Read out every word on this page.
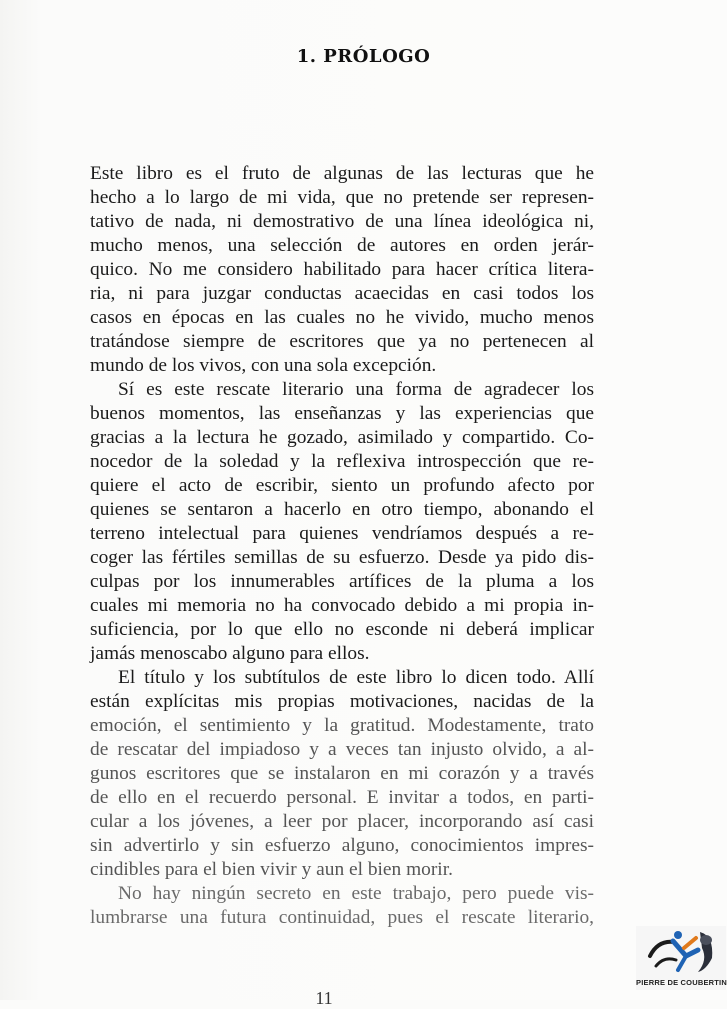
1. PRÓLOGO
Este libro es el fruto de algunas de las lecturas que he
hecho a lo largo de mi vida, que no pretende ser represen-
tativo de nada, ni demostrativo de una línea ideológica ni,
mucho menos, una selección de autores en orden jerár-
quico. No me considero habilitado para hacer crítica litera-
ria, ni para juzgar conductas acaecidas en casi todos los
casos en épocas en las cuales no he vivido, mucho menos
tratándose siempre de escritores que ya no pertenecen al
mundo de los vivos, con una sola excepción.
Sí es este rescate literario una forma de agradecer los
buenos momentos, las enseñanzas y las experiencias que
gracias a la lectura he gozado, asimilado y compartido. Co-
nocedor de la soledad y la reflexiva introspección que re-
quiere el acto de escribir, siento un profundo afecto por
quienes se sentaron a hacerlo en otro tiempo, abonando el
terreno intelectual para quienes vendríamos después a re-
coger las fértiles semillas de su esfuerzo. Desde ya pido dis-
culpas por los innumerables artífices de la pluma a los
cuales mi memoria no ha convocado debido a mi propia in-
suficiencia, por lo que ello no esconde ni deberá implicar
jamás menoscabo alguno para ellos.
El título y los subtítulos de este libro lo dicen todo. Allí
están explícitas mis propias motivaciones, nacidas de la
emoción, el sentimiento y la gratitud. Modestamente, trato
de rescatar del impiadoso y a veces tan injusto olvido, a al-
gunos escritores que se instalaron en mi corazón y a través
de ello en el recuerdo personal. E invitar a todos, en parti-
cular a los jóvenes, a leer por placer, incorporando así casi
sin advertirlo y sin esfuerzo alguno, conocimientos impres-
cindibles para el bien vivir y aun el bien morir.
No hay ningún secreto en este trabajo, pero puede vis-
lumbrarse una futura continuidad, pues el rescate literario,
PIERRE DE COUBERTIN
11
